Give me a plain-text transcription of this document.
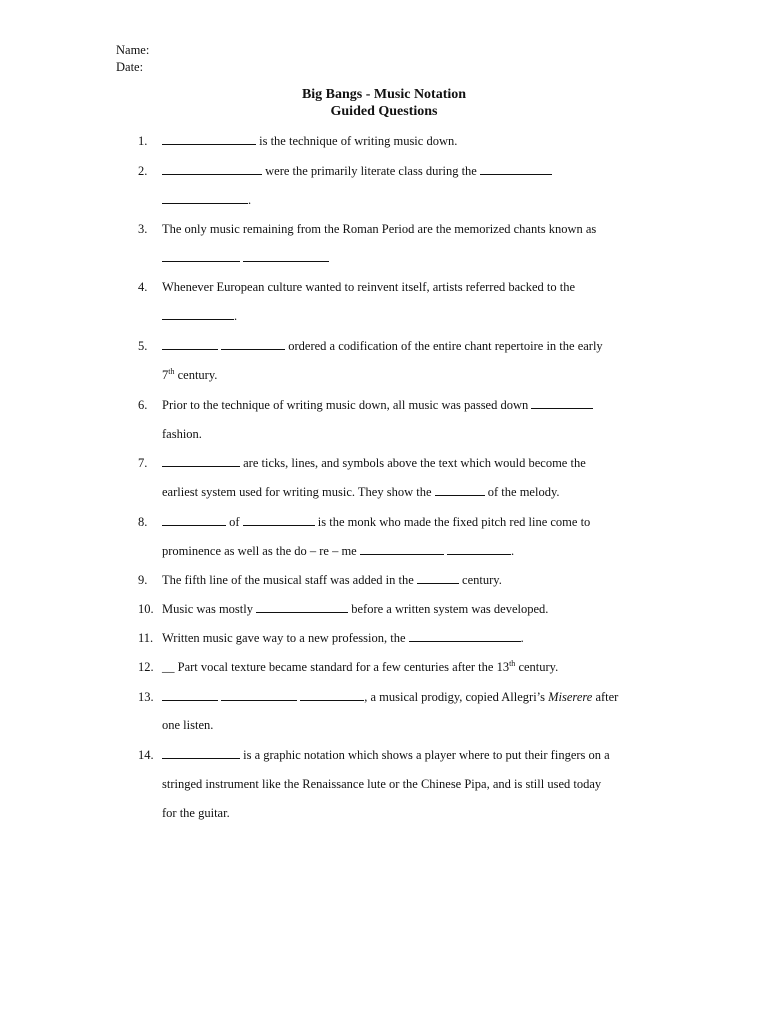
Name:

Date:

Big Bangs - Music Notation

Guided Questions

1.	is the technique of writing music down.

2.	were the primarily literate class during the

.

3. The only music remaining from the Roman Period are the memorized chants known as

4. Whenever European culture wanted to reinvent itself, artists referred backed to the

.

5.	ordered a codification of the entire chant repertoire in the early

7th century.

6. Prior to the technique of writing music down, all music was passed down

fashion.

7.	are ticks, lines, and symbols above the text which would become the

earliest system used for writing music. They show the	of the melody.

8.	of	is the monk who made the fixed pitch red line come to

prominence as well as the do – re – me	.

9. The fifth line of the musical staff was added in the	century.

10. Music was mostly	before a written system was developed.

11. Written music gave way to a new profession, the	.

12. __ Part vocal texture became standard for a few centuries after the 13th century.

13.	, a musical prodigy, copied Allegri’s Miserere after

one listen.

14.	is a graphic notation which shows a player where to put their fingers on a

stringed instrument like the Renaissance lute or the Chinese Pipa, and is still used today

for the guitar.
